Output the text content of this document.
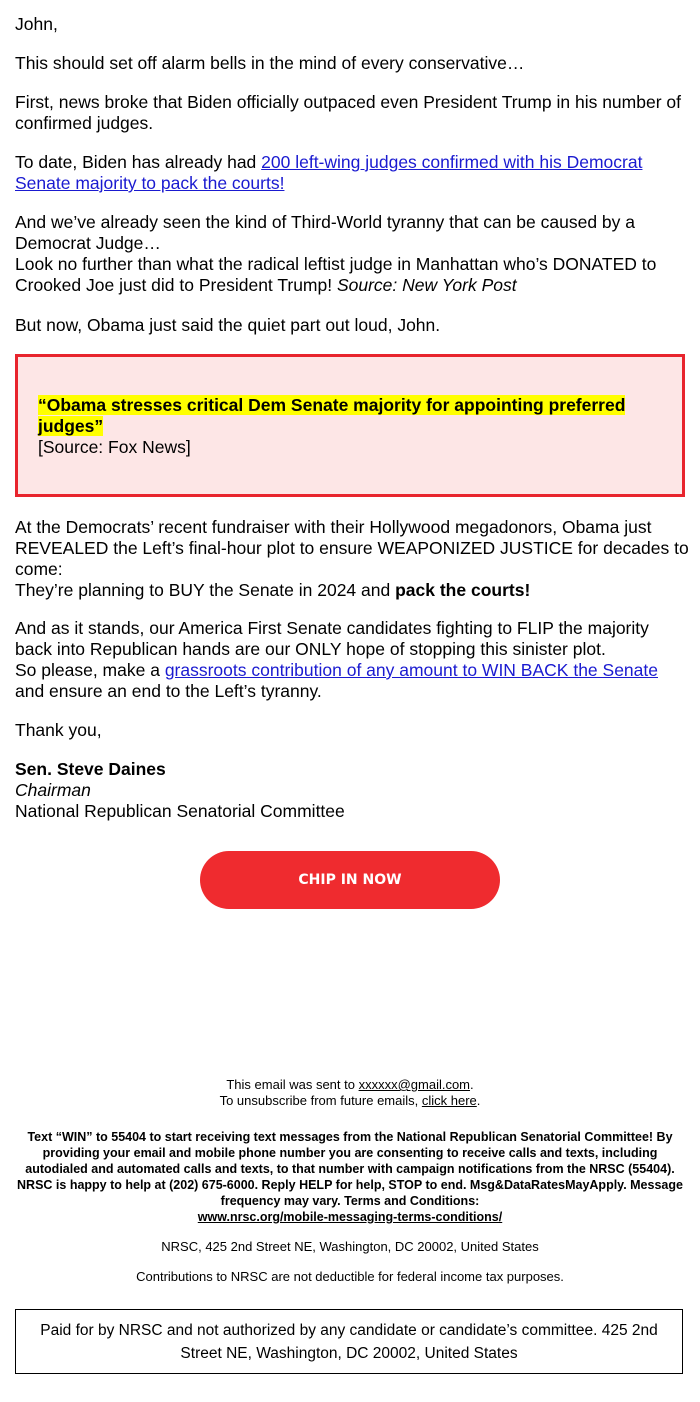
John,

This should set off alarm bells in the mind of every conservative…

First, news broke that Biden officially outpaced even President Trump in his number of confirmed judges.

To date, Biden has already had 200 left-wing judges confirmed with his Democrat Senate majority to pack the courts!

And we’ve already seen the kind of Third-World tyranny that can be caused by a Democrat Judge…
Look no further than what the radical leftist judge in Manhattan who’s DONATED to Crooked Joe just did to President Trump! Source: New York Post

But now, Obama just said the quiet part out loud, John.

“Obama stresses critical Dem Senate majority for appointing preferred judges”
[Source: Fox News]

At the Democrats’ recent fundraiser with their Hollywood megadonors, Obama just REVEALED the Left’s final-hour plot to ensure WEAPONIZED JUSTICE for decades to come:
They’re planning to BUY the Senate in 2024 and pack the courts!

And as it stands, our America First Senate candidates fighting to FLIP the majority back into Republican hands are our ONLY hope of stopping this sinister plot.
So please, make a grassroots contribution of any amount to WIN BACK the Senate and ensure an end to the Left’s tyranny.

Thank you,

Sen. Steve Daines
Chairman
National Republican Senatorial Committee

CHIP IN NOW

This email was sent to xxxxxx@gmail.com.
To unsubscribe from future emails, click here.

Text “WIN” to 55404 to start receiving text messages from the National Republican Senatorial Committee! By providing your email and mobile phone number you are consenting to receive calls and texts, including autodialed and automated calls and texts, to that number with campaign notifications from the NRSC (55404). NRSC is happy to help at (202) 675-6000. Reply HELP for help, STOP to end. Msg&DataRatesMayApply. Message frequency may vary. Terms and Conditions:
www.nrsc.org/mobile-messaging-terms-conditions/

NRSC, 425 2nd Street NE, Washington, DC 20002, United States

Contributions to NRSC are not deductible for federal income tax purposes.

Paid for by NRSC and not authorized by any candidate or candidate’s committee. 425 2nd Street NE, Washington, DC 20002, United States
